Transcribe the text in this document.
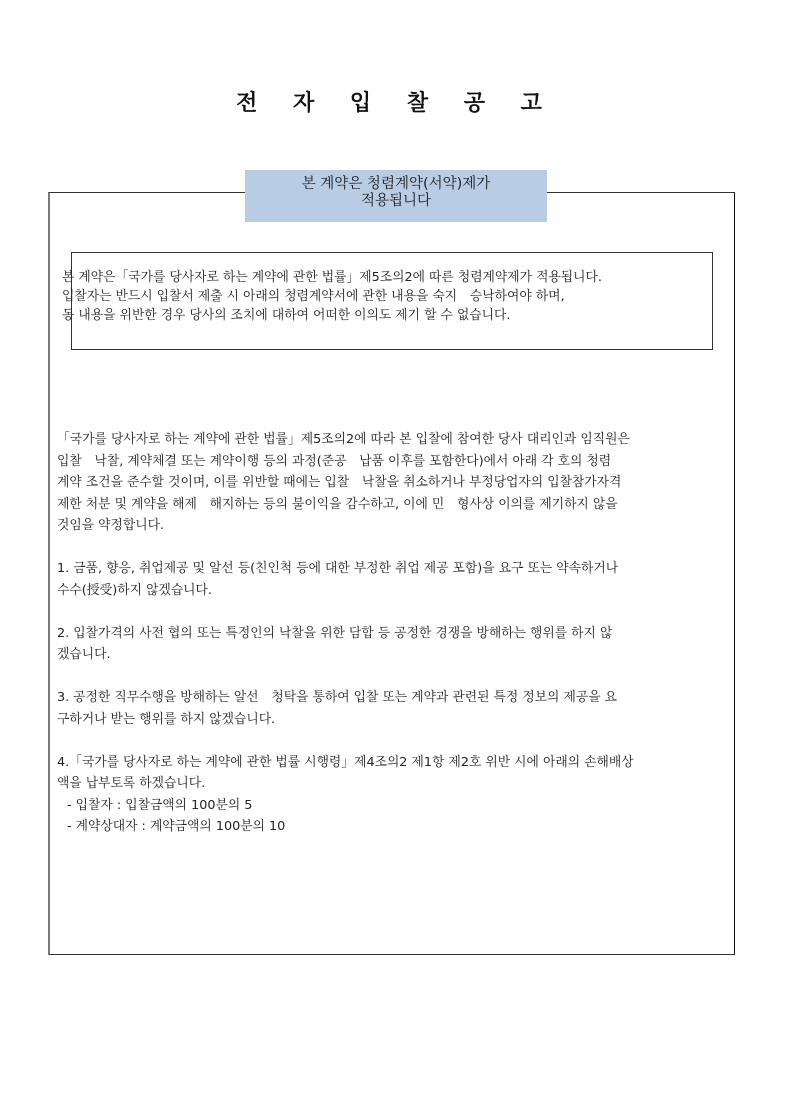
전 자 입 찰 공 고
본 계약은 청렴계약(서약)제가
적용됩니다
본 계약은「국가를 당사자로 하는 계약에 관한 법률」제5조의2에 따른 청렴계약제가 적용됩니다.
입찰자는 반드시 입찰서 제출 시 아래의 청렴계약서에 관한 내용을 숙지　승낙하여야 하며,
동 내용을 위반한 경우 당사의 조치에 대하여 어떠한 이의도 제기 할 수 없습니다.
「국가를 당사자로 하는 계약에 관한 법률」제5조의2에 따라 본 입찰에 참여한 당사 대리인과 임직원은
입찰　낙찰, 계약체결 또는 계약이행 등의 과정(준공　납품 이후를 포함한다)에서 아래 각 호의 청렴
계약 조건을 준수할 것이며, 이를 위반할 때에는 입찰　낙찰을 취소하거나 부정당업자의 입찰참가자격
제한 처분 및 계약을 해제　해지하는 등의 불이익을 감수하고, 이에 민　형사상 이의를 제기하지 않을
것임을 약정합니다.
1. 금품, 향응, 취업제공 및 알선 등(친인척 등에 대한 부정한 취업 제공 포함)을 요구 또는 약속하거나
수수(授受)하지 않겠습니다.
2. 입찰가격의 사전 협의 또는 특정인의 낙찰을 위한 담합 등 공정한 경쟁을 방해하는 행위를 하지 않
겠습니다.
3. 공정한 직무수행을 방해하는 알선　청탁을 통하여 입찰 또는 계약과 관련된 특정 정보의 제공을 요
구하거나 받는 행위를 하지 않겠습니다.
4.「국가를 당사자로 하는 계약에 관한 법률 시행령」제4조의2 제1항 제2호 위반 시에 아래의 손해배상
액을 납부토록 하겠습니다.
- 입찰자 : 입찰금액의 100분의 5
- 계약상대자 : 계약금액의 100분의 10
